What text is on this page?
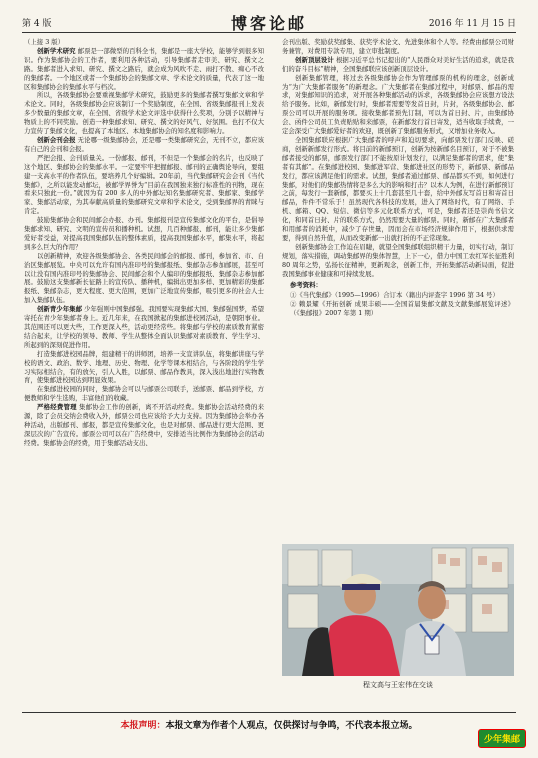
第 4 版	博客论邮	2016 年 11 月 15 日

（上接 3 版）

创新学术研究 邮票是一部微型的百科全书，集邮是一座大学校，能够学到很多知识。作为集邮协会的工作者，要利用各种活动，引导集邮者走审美、研究、撰文之路。集邮者进入求知、研究、撰文之路后，就会成为风吹不走、雨打不散、痴心不改的集邮者。一个地区或者一个集邮协会的集邮文章、学术论文的质量，代表了这一地区和集邮协会的集邮水平与档次。

所以，各级集邮协会要重视集邮学术研究，鼓励更多的集邮者撰写集邮文章和学术论文。同时，各级集邮协会应该制订一个奖励制度，在全国、省级集邮报刊上发表多少数量的集邮文章，在全国、省级学术论文评选中获得什么奖项，分别予以精神与物质上的不同奖励。创造一种集邮求知、研究、撰文的好风气、好氛围。也打不仅大力宣传了集邮文化，也提高了本地区、本地集邮协会的知名度和影响力。

创新会刊会报 无论哪一级集邮协会，还是哪一类集邮研究会，无刊不立，都应该有自己的会刊和会报。

严把会报、会刊质量关。一份邮报、邮刊，不但是一个集邮会的名片，也反映了这个地区、集邮协会的集邮水平。一定要牢牢把握邮报、邮刊的正确舆论导向，要组建一支高水平的作者队伍，要培养几个好编辑。20年前，当代集邮研究会会刊《当代集邮》，之所以能发动邮坛，被邮学界誉为“目前在我国独来独行标准性的刊物，现在看来只独此一份。”就因为有 200 多人的中外邮坛知名集邮研究者、集邮家、集邮学家、集邮活动家，为其奉献高质量的集邮研究文章和学术论文，受到集邮界的青睐与肯定。

鼓励集邮协会和民间邮会办报、办刊。集邮报刊是宣传集邮文化的平台，是倡导集邮求知、研究、文明的宣传员和播种机。试想，几百种邮报、邮刊，能让多少集邮爱好者受益，对提高我国集邮队伍的整体素质，提高我国集邮水平，邮集水平，将起到多么巨大的作用？

以创新精神，欢迎各级集邮协会、各类民间邮会的邮报、邮刊，参加省、市、自治区集邮展览。中央可以允许有国内准印号的集邮报纸、集邮杂志参加邮展，甚至可以让没有国内准印号的集邮协会、民间邮会和个人编印的集邮报纸、集邮杂志参加邮展。鼓励这支集邮新长征路上的宣传队、播种机，编辑出更加多样、更加精彩的集邮报纸、集邮杂志，更大程度、更大范围，更加广泛地宣传集邮，吸引更多的社会人士加入集邮队伍。

创新青少年集邮 少年强则中国集邮强。我国要实现集邮大国、集邮强国梦，希望寄托在青少年集邮者身上。近几年来，在我国掀起的集邮进校园活动，是朝阳事业。其范围还可以更大些，工作更深入些，活动更经常些。将集邮与学校的素质教育紧密结合起来，让学校的领导、教师、学生从整体全面认识集邮对素质教育、学生学习、所起到的深刻促进作用。

打造集邮进校园品牌，组建精干的讲师团，培养一支宣讲队伍，将集邮讲座与学校的语文、政治、数学、地理、历史、物理、化学等课本相结合，与各阶段的学生学习实际相结合，有的放矢，引人入胜，以邮票、邮品作教具，深入浅出地进行实物教育，使集邮进校园达到明显效果。

在集邮进校园的同时，集邮协会可以与邮票公司联手，送邮票、邮品到学校，方便教师和学生选购，丰富他们的收藏。

严格经费管理 集邮协会工作的创新，离不开活动经费。集邮协会活动经费的来源，除了会员交纳会费收入外，邮票公司也应该给予大力支持。因为集邮协会举办各种活动，出版邮刊、邮报，都是宣传集邮文化，也是对邮票、邮品进行更大范围、更深层次的广告宣传。邮票公司可以在广告经费中，安排适当比例作为集邮协会的活动经费。集邮协会的经费，用于集邮活动支出、

会刊出版、奖励获奖邮集、获奖学术论文、先进集体和个人等。经费由邮票公司财务兼管，对费用专款专用，建立审批制度。

创新顶层设计 根据习近平总书记提出的“人民群众对美好生活的追求，就是我们的奋斗目标”精神，全国集邮联应该创新顶层设计。

创新集邮管理，将过去各级集邮协会作为管理邮票的机构的理念，创新成为“为广大集邮者服务”的新理念。广大集邮者在集邮过程中，对邮票、邮品的需求，对集邮知识的追求，对开展各种集邮活动的诉求，各级集邮协会应该想方设法给予服务。比如，新邮发行时，集邮者需要等发首日封，片封，各级集邮协会、邮票公司可以开展的服务项。接收集邮者预先订制，可以为首日封、片，由集邮协会、函件公司员工负责贴贴和来邮票，在新邮发行首日寄发，适当收取手续费，一定会深受广大集邮爱好者的欢迎，既创新了集邮服务形式，又增加业务收入。

全国集邮联应根据广大集邮者的呼声和迫切要求，向邮票发行部门反映、磋商，创新新邮发行形式。将目前的新邮预订，创新为按新邮名目预订，对于不被集邮者接受的邮票，邮票发行部门不能按原计划发行，以满足集邮者的需求，使“集者有其邮”。在集邮进校园、集邮进军营、集邮进社区的形势下，新邮票、新邮品发行，都应该满足他们的需求。试想，集邮者通过邮票、邮品都买不到，如何进行集邮，对他们的集邮热情将是多么大的影响和打击？以本人为例，在进行新邮预订之前，每发行一套新邮，都要买上十几套甚至几十套，给中外邮友写首日和寄首日邮品，件件不常乐于！虽然现代各科技的发展，进入了网络时代，有了网络、手机、邮箱、QQ、短信、微信等多元化联系方式，可是，集邮者还是崇尚书信文化，和同首日封、片的联系方式，仍然需要大量的邮票。同时，新邮在广大集邮者和用邮者的消耗中，减少了存世量，因而会在市场经济规律作用下，根据供求需要，得到自然升值，从而改变新邮一出就打折的不正常现象。

创新集邮协会工作迫在眉睫，就望全国集邮联组织精干力量，切实行动，制订规划，落实措施，调动集邮界的集体智慧，上下一心，借力中国工农红军长征胜利80 周年之势，弘扬长征精神，更新观念，创新工作，开拓集邮活动新局面，促进我国集邮事业健康和可持续发展。

参考资料：

①《当代集邮》（1995—1996）合订本（籍出内评查字 1996 第 34 号）

② 赖景耀《开拓创新 成果丰硕——全国首届集邮文献及文献集邮展览评述》（《集邮报》2007 年第 1 期）

程文高与王宏伟在交谈
本报声明：本报文章为作者个人观点，仅供探讨与争鸣，不代表本报立场。
少年集邮
